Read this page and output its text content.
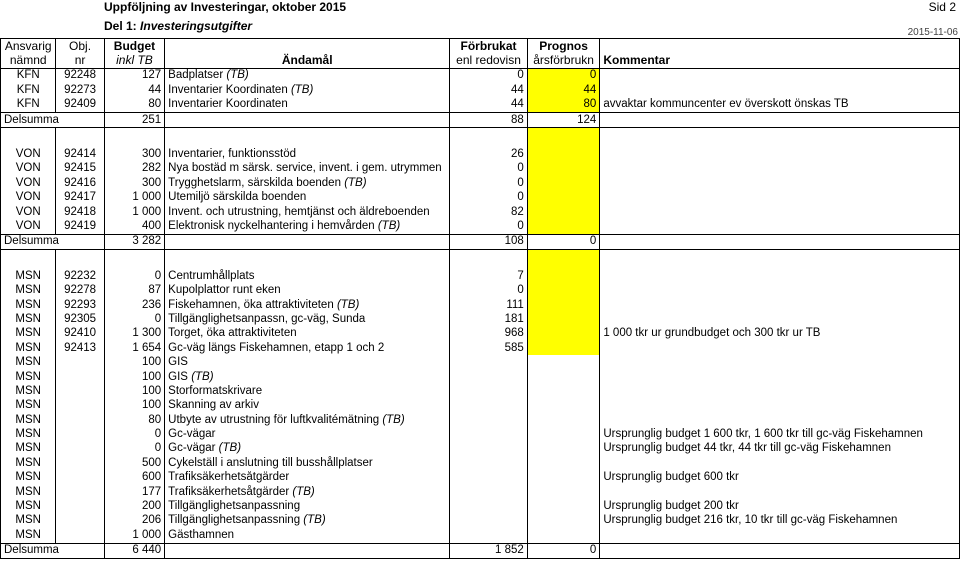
Uppföljning av Investeringar, oktober 2015
Del 1: Investeringsutgifter
Sid 2
2015-11-06
Ansvarig	Obj.	Budget		Förbrukat	Prognos	
nämnd	nr	inkl TB	Ändamål	enl redovisn	årsförbrukn	Kommentar
KFN	92248	127	Badplatser (TB)	0	0	
KFN	92273	44	Inventarier Koordinaten (TB)	44	44	
KFN	92409	80	Inventarier Koordinaten	44	80	avvaktar kommuncenter ev överskott önskas TB
Delsumma		251		88	124	

VON	92414	300	Inventarier, funktionsstöd	26		
VON	92415	282	Nya bostäd m särsk. service, invent. i gem. utrymmen	0		
VON	92416	300	Trygghetslarm, särskilda boenden (TB)	0		
VON	92417	1 000	Utemiljö särskilda boenden	0		
VON	92418	1 000	Invent. och utrustning, hemtjänst och äldreboenden	82		
VON	92419	400	Elektronisk nyckelhantering i hemvården (TB)	0		
Delsumma		3 282		108	0	

MSN	92232	0	Centrumhållplats	7		
MSN	92278	87	Kupolplattor runt eken	0		
MSN	92293	236	Fiskehamnen, öka attraktiviteten (TB)	111		
MSN	92305	0	Tillgänglighetsanpassn, gc-väg, Sunda	181		
MSN	92410	1 300	Torget, öka attraktiviteten	968		1 000 tkr ur grundbudget och 300 tkr ur TB
MSN	92413	1 654	Gc-väg längs Fiskehamnen, etapp 1 och 2	585		
MSN		100	GIS			
MSN		100	GIS (TB)			
MSN		100	Storformatskrivare			
MSN		100	Skanning av arkiv			
MSN		80	Utbyte av utrustning för luftkvalitémätning (TB)			
MSN		0	Gc-vägar			Ursprunglig budget 1 600 tkr, 1 600 tkr till gc-väg Fiskehamnen
MSN		0	Gc-vägar (TB)			Ursprunglig budget 44 tkr, 44 tkr till gc-väg Fiskehamnen
MSN		500	Cykelställ i anslutning till busshållplatser			
MSN		600	Trafiksäkerhetsåtgärder			Ursprunglig budget 600 tkr
MSN		177	Trafiksäkerhetsåtgärder (TB)			
MSN		200	Tillgänglighetsanpassning			Ursprunglig budget 200 tkr
MSN		206	Tillgänglighetsanpassning (TB)			Ursprunglig budget 216 tkr, 10 tkr till gc-väg Fiskehamnen
MSN		1 000	Gästhamnen			
Delsumma		6 440		1 852	0	
